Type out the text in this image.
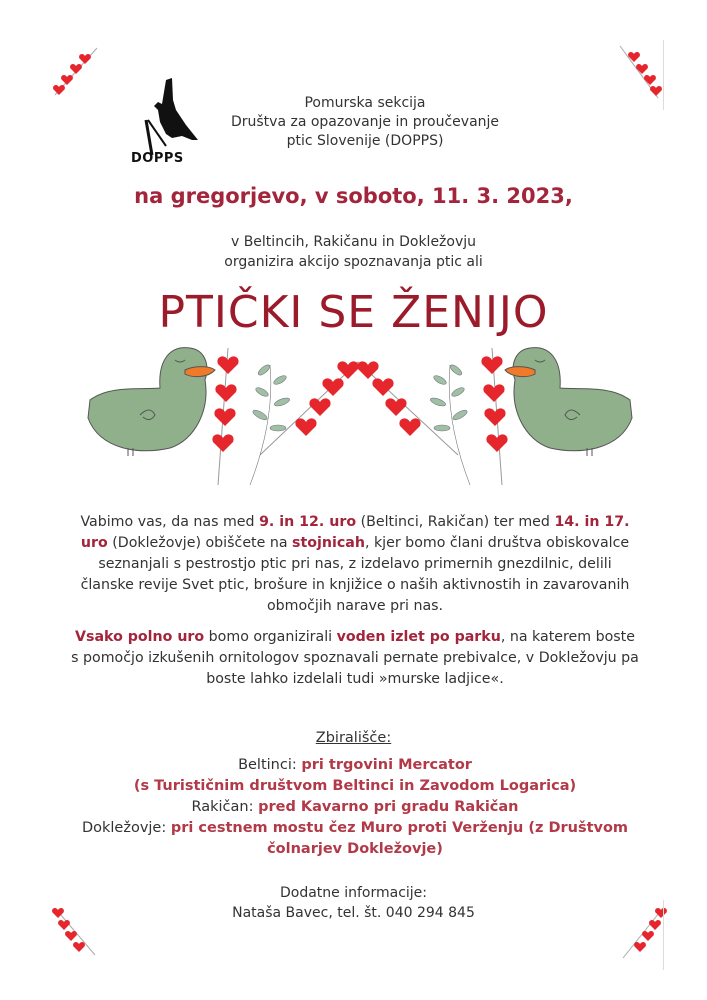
DOPPS
Pomurska sekcija
Društva za opazovanje in proučevanje
ptic Slovenije (DOPPS)
na gregorjevo, v soboto, 11. 3. 2023,
v Beltincih, Rakičanu in Dokležovju
organizira akcijo spoznavanja ptic ali
PTIČKI SE ŽENIJO
Vabimo vas, da nas med 9. in 12. uro (Beltinci, Rakičan) ter med 14. in 17. uro (Dokležovje) obiščete na stojnicah, kjer bomo člani društva obiskovalce seznanjali s pestrostjo ptic pri nas, z izdelavo primernih gnezdilnic, delili članske revije Svet ptic, brošure in knjižice o naših aktivnostih in zavarovanih območjih narave pri nas.
Vsako polno uro bomo organizirali voden izlet po parku, na katerem boste s pomočjo izkušenih ornitologov spoznavali pernate prebivalce, v Dokležovju pa boste lahko izdelali tudi »murske ladjice«.
Zbirališče:
Beltinci: pri trgovini Mercator
(s Turističnim društvom Beltinci in Zavodom Logarica)
Rakičan: pred Kavarno pri gradu Rakičan
Dokležovje: pri cestnem mostu čez Muro proti Verženju (z Društvom čolnarjev Dokležovje)
Dodatne informacije:
Nataša Bavec, tel. št. 040 294 845
